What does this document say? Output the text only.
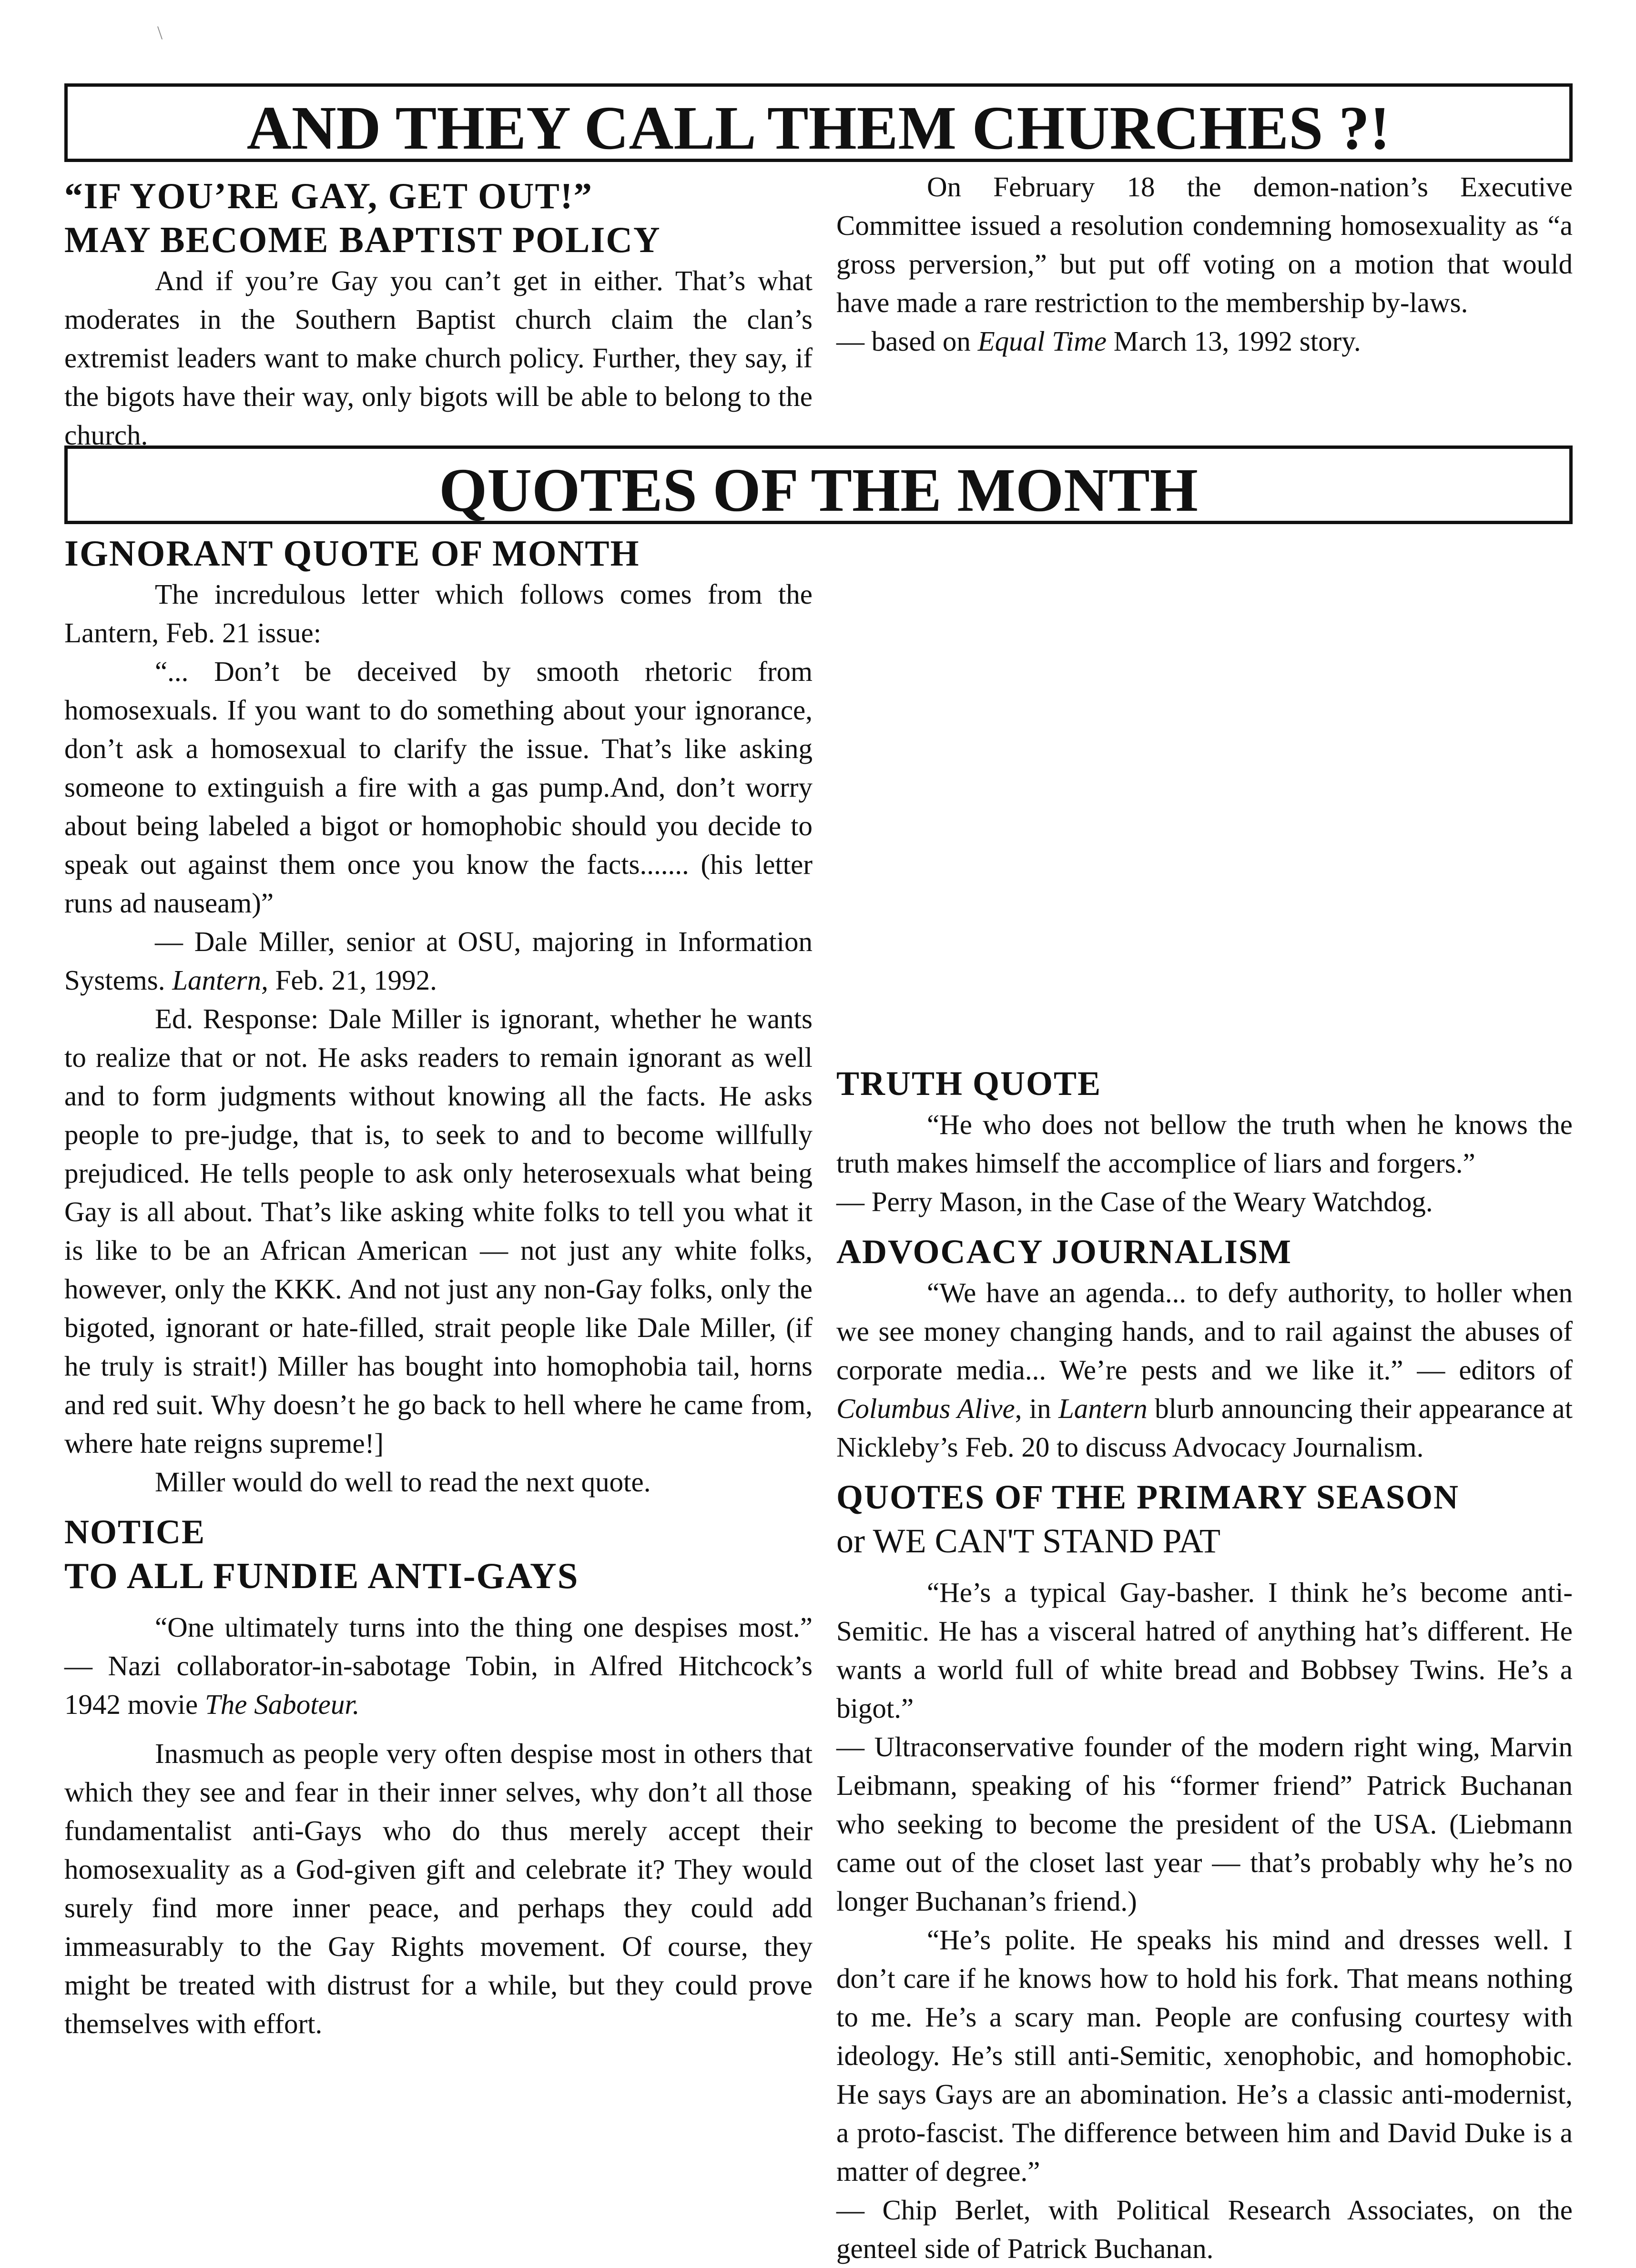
\
AND THEY CALL THEM CHURCHES ?!
“IF YOU’RE GAY, GET OUT!”
MAY BECOME BAPTIST POLICY

And if you’re Gay you can’t get in either. That’s what moderates in the Southern Baptist church claim the clan’s extremist leaders want to make church policy. Further, they say, if the bigots have their way, only bigots will be able to belong to the church.

On February 18 the demon-nation’s Executive Committee issued a resolution condemning homosexuality as “a gross perversion,” but put off voting on a motion that would have made a rare restriction to the membership by-laws.

— based on Equal Time March 13, 1992 story.

QUOTES OF THE MONTH
IGNORANT QUOTE OF MONTH

The incredulous letter which follows comes from the Lantern, Feb. 21 issue:

“... Don’t be deceived by smooth rhetoric from homosexuals. If you want to do something about your ignorance, don’t ask a homosexual to clarify the issue. That’s like asking someone to extinguish a fire with a gas pump.And, don’t worry about being labeled a bigot or homophobic should you decide to speak out against them once you know the facts....... (his letter runs ad nauseam)”

— Dale Miller, senior at OSU, majoring in Information Systems. Lantern, Feb. 21, 1992.

Ed. Response: Dale Miller is ignorant, whether he wants to realize that or not. He asks readers to remain ignorant as well and to form judgments without knowing all the facts. He asks people to pre-judge, that is, to seek to and to become willfully prejudiced. He tells people to ask only heterosexuals what being Gay is all about. That’s like asking white folks to tell you what it is like to be an African American — not just any white folks, however, only the KKK. And not just any non-Gay folks, only the bigoted, ignorant or hate-filled, strait people like Dale Miller, (if he truly is strait!) Miller has bought into homophobia tail, horns and red suit. Why doesn’t he go back to hell where he came from, where hate reigns supreme!]

Miller would do well to read the next quote.

NOTICE
TO ALL FUNDIE ANTI-GAYS

“One ultimately turns into the thing one despises most.” — Nazi collaborator-in-sabotage Tobin, in Alfred Hitchcock’s 1942 movie The Saboteur.

Inasmuch as people very often despise most in others that which they see and fear in their inner selves, why don’t all those fundamentalist anti-Gays who do thus merely accept their homosexuality as a God-given gift and celebrate it? They would surely find more inner peace, and perhaps they could add immeasurably to the Gay Rights movement. Of course, they might be treated with distrust for a while, but they could prove themselves with effort.

TRUTH QUOTE

“He who does not bellow the truth when he knows the truth makes himself the accomplice of liars and forgers.”

— Perry Mason, in the Case of the Weary Watchdog.

ADVOCACY JOURNALISM

“We have an agenda... to defy authority, to holler when we see money changing hands, and to rail against the abuses of corporate media... We’re pests and we like it.” — editors of Columbus Alive, in Lantern blurb announcing their appearance at Nickleby’s Feb. 20 to discuss Advocacy Journalism.

QUOTES OF THE PRIMARY SEASON
or WE CAN'T STAND PAT

“He’s a typical Gay-basher. I think he’s become anti-Semitic. He has a visceral hatred of anything hat’s different. He wants a world full of white bread and Bobbsey Twins. He’s a bigot.”

— Ultraconservative founder of the modern right wing, Marvin Leibmann, speaking of his “former friend” Patrick Buchanan who seeking to become the president of the USA. (Liebmann came out of the closet last year — that’s probably why he’s no longer Buchanan’s friend.)

“He’s polite. He speaks his mind and dresses well. I don’t care if he knows how to hold his fork. That means nothing to me. He’s a scary man. People are confusing courtesy with ideology. He’s still anti-Semitic, xenophobic, and homophobic. He says Gays are an abomination. He’s a classic anti-modernist, a proto-fascist. The difference between him and David Duke is a matter of degree.”

— Chip Berlet, with Political Research Associates, on the genteel side of Patrick Buchanan.
